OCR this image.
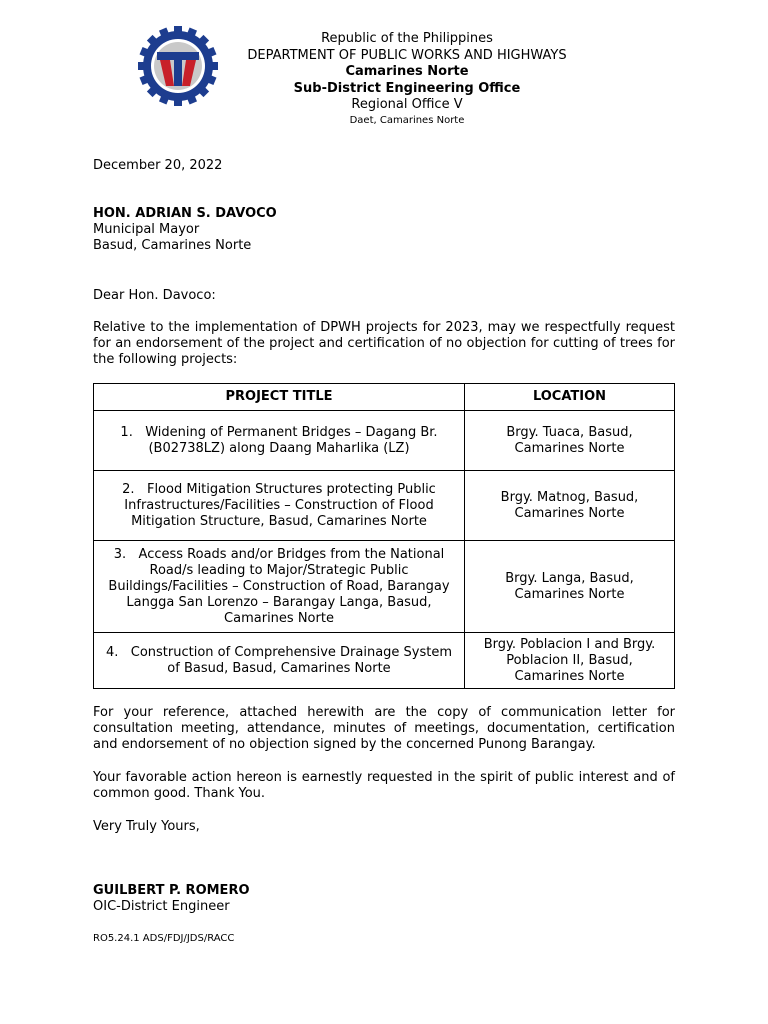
Republic of the Philippines
DEPARTMENT OF PUBLIC WORKS AND HIGHWAYS
Camarines Norte
Sub-District Engineering Office
Regional Office V
Daet, Camarines Norte
December 20, 2022
HON. ADRIAN S. DAVOCO
Municipal Mayor
Basud, Camarines Norte
Dear Hon. Davoco:
Relative to the implementation of DPWH projects for 2023, may we respectfully request for an endorsement of the project and certification of no objection for cutting of trees for the following projects:
PROJECT TITLE	LOCATION
1. Widening of Permanent Bridges – Dagang Br. (B02738LZ) along Daang Maharlika (LZ)	Brgy. Tuaca, Basud, Camarines Norte
2. Flood Mitigation Structures protecting Public Infrastructures/Facilities – Construction of Flood Mitigation Structure, Basud, Camarines Norte	Brgy. Matnog, Basud, Camarines Norte
3. Access Roads and/or Bridges from the National Road/s leading to Major/Strategic Public Buildings/Facilities – Construction of Road, Barangay Langga San Lorenzo – Barangay Langa, Basud, Camarines Norte	Brgy. Langa, Basud, Camarines Norte
4. Construction of Comprehensive Drainage System of Basud, Basud, Camarines Norte	Brgy. Poblacion I and Brgy. Poblacion II, Basud, Camarines Norte
For your reference, attached herewith are the copy of communication letter for consultation meeting, attendance, minutes of meetings, documentation, certification and endorsement of no objection signed by the concerned Punong Barangay.
Your favorable action hereon is earnestly requested in the spirit of public interest and of common good. Thank You.
Very Truly Yours,
GUILBERT P. ROMERO
OIC-District Engineer
RO5.24.1 ADS/FDJ/JDS/RACC
